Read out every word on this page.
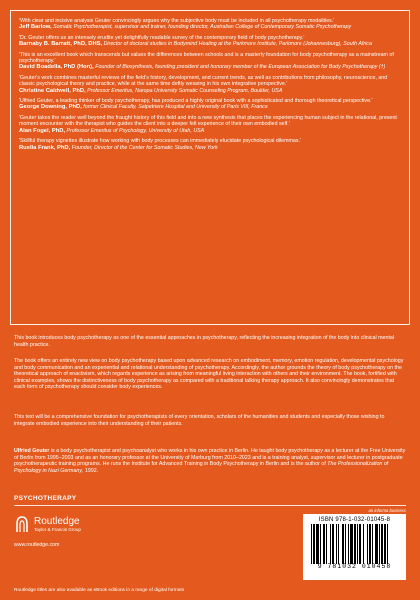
'With clear and incisive analysis Geuter convincingly argues why the subjective body must be included in all psychotherapy modalities.'
Jeff Barlow, Somatic Psychotherapist, supervisor and trainer, founding director, Australian College of Contemporary Somatic Psychotherapy
'Dr. Geuter offers us an intensely erudite yet delightfully readable survey of the contemporary field of body psychotherapy.'
Barnaby B. Barratt, PhD, DHS, Director of doctoral studies in Bodymind Healing at the Parkmore Institute, Parkmore (Johannesburg), South Africa
'This is an excellent book which transcends but values the differences between schools and is a masterly foundation for body psychotherapy as a mainstream of psychotherapy.'
David Boadella, PhD (Hon), Founder of Biosynthesis, founding president and honorary member of the European Association for Body Psychotherapy (†)
'Geuter's work combines masterful reviews of the field's history, development, and current trends, as well as contributions from philosophy, neuroscience, and classic psychological theory and practice, while at the same time deftly weaving in his own integrative perspective.'
Christine Caldwell, PhD, Professor Emeritus, Naropa University Somatic Counseling Program, Boulder, USA
'Ulfried Geuter, a leading thinker of body psychotherapy, has produced a highly original book with a sophisticated and thorough theoretical perspective.'
George Downing, PhD, former Clinical Faculty, Salpetriere Hospital and University of Paris VIII, France
'Geuter takes the reader well beyond the fraught history of this field and into a new synthesis that places the experiencing human subject in the relational, present moment encounter with the therapist who guides the client into a deeper felt experience of their own embodied self.'
Alan Fogel, PhD, Professor Emeritus of Psychology, University of Utah, USA
'Skillful therapy vignettes illustrate how working with body processes can immediately elucidate psychological dilemmas.'
Ruella Frank, PhD, Founder, Director of the Center for Somatic Studies, New York

This book introduces body psychotherapy as one of the essential approaches in psychotherapy, reflecting the increasing integration of the body into clinical mental health practice.

The book offers an entirely new view on body psychotherapy based upon advanced research on embodiment, memory, emotion regulation, developmental psychology and body communication and an experiential and relational understanding of psychotherapy. Accordingly, the author grounds the theory of body psychotherapy on the theoretical approach of enactivism, which regards experience as arising from meaningful living interaction with others and their environment. The book, fortified with clinical examples, shows the distinctiveness of body psychotherapy as compared with a traditional talking therapy approach. It also convincingly demonstrates that each form of psychotherapy should consider body experiences.

This text will be a comprehensive foundation for psychotherapists of every orientation, scholars of the humanities and students and especially those wishing to integrate embodied experience into their understanding of their patients.

Ulfried Geuter is a body psychotherapist and psychoanalyst who works in his own practice in Berlin. He taught body psychotherapy as a lecturer at the Free University of Berlin from 1995–2003 and as an honorary professor at the University of Marburg from 2010–2023 and is a training analyst, supervisor and lecturer in postgraduate psychotherapeutic training programs. He runs the Institute for Advanced Training in Body Psychotherapy in Berlin and is the author of The Professionalization of Psychology in Nazi Germany, 1992.

PSYCHOTHERAPY
Routledge
Taylor & Francis Group
www.routledge.com
an informa business
ISBN 978-1-032-01045-8
9 781032 010458
Routledge titles are also available as eBook editions in a range of digital formats
